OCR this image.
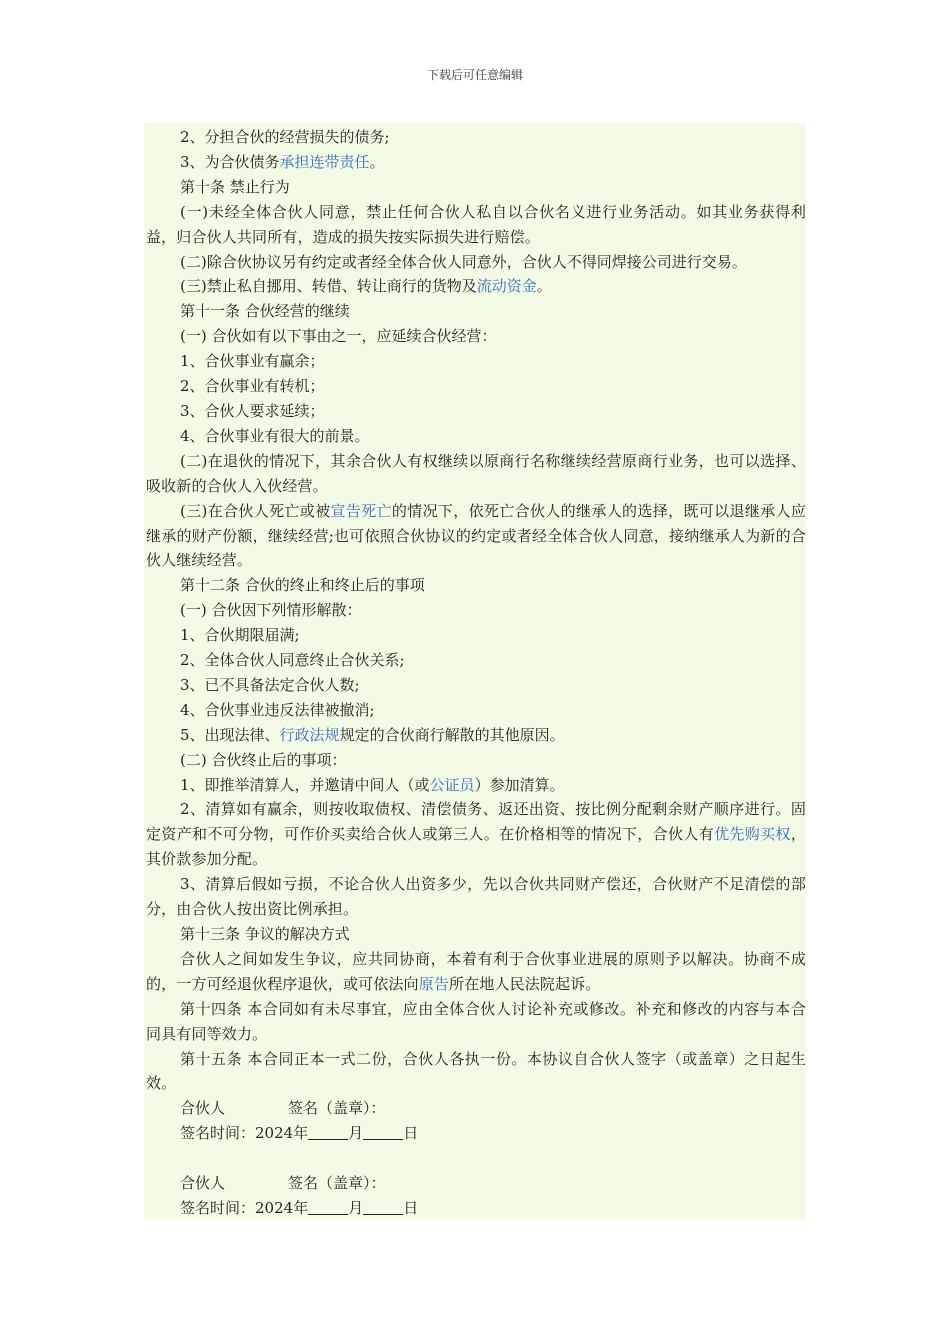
下载后可任意编辑

2、分担合伙的经营损失的债务;

3、为合伙债务承担连带责任。

第十条 禁止行为

(一)未经全体合伙人同意，禁止任何合伙人私自以合伙名义进行业务活动。如其业务获得利益，归合伙人共同所有，造成的损失按实际损失进行赔偿。

(二)除合伙协议另有约定或者经全体合伙人同意外，合伙人不得同焊接公司进行交易。

(三)禁止私自挪用、转借、转让商行的货物及流动资金。

第十一条 合伙经营的继续

(一) 合伙如有以下事由之一，应延续合伙经营：

1、合伙事业有赢余；

2、合伙事业有转机；

3、合伙人要求延续；

4、合伙事业有很大的前景。

(二)在退伙的情况下，其余合伙人有权继续以原商行名称继续经营原商行业务，也可以选择、吸收新的合伙人入伙经营。

(三)在合伙人死亡或被宣告死亡的情况下，依死亡合伙人的继承人的选择，既可以退继承人应继承的财产份额，继续经营;也可依照合伙协议的约定或者经全体合伙人同意，接纳继承人为新的合伙人继续经营。

第十二条 合伙的终止和终止后的事项

(一) 合伙因下列情形解散：

1、合伙期限届满;

2、全体合伙人同意终止合伙关系;

3、已不具备法定合伙人数;

4、合伙事业违反法律被撤消;

5、出现法律、行政法规规定的合伙商行解散的其他原因。

(二) 合伙终止后的事项：

1、即推举清算人，并邀请中间人（或公证员）参加清算。

2、清算如有赢余，则按收取债权、清偿债务、返还出资、按比例分配剩余财产顺序进行。固定资产和不可分物，可作价买卖给合伙人或第三人。在价格相等的情况下，合伙人有优先购买权，其价款参加分配。

3、清算后假如亏损，不论合伙人出资多少，先以合伙共同财产偿还，合伙财产不足清偿的部分，由合伙人按出资比例承担。

第十三条 争议的解决方式

合伙人之间如发生争议，应共同协商，本着有利于合伙事业进展的原则予以解决。协商不成的，一方可经退伙程序退伙，或可依法向原告所在地人民法院起诉。

第十四条 本合同如有未尽事宜，应由全体合伙人讨论补充或修改。补充和修改的内容与本合同具有同等效力。

第十五条 本合同正本一式二份，合伙人各执一份。本协议自合伙人签字（或盖章）之日起生效。

合伙人	签名（盖章）：

签名时间：2024年	月	日

合伙人	签名（盖章）：

签名时间：2024年	月	日
